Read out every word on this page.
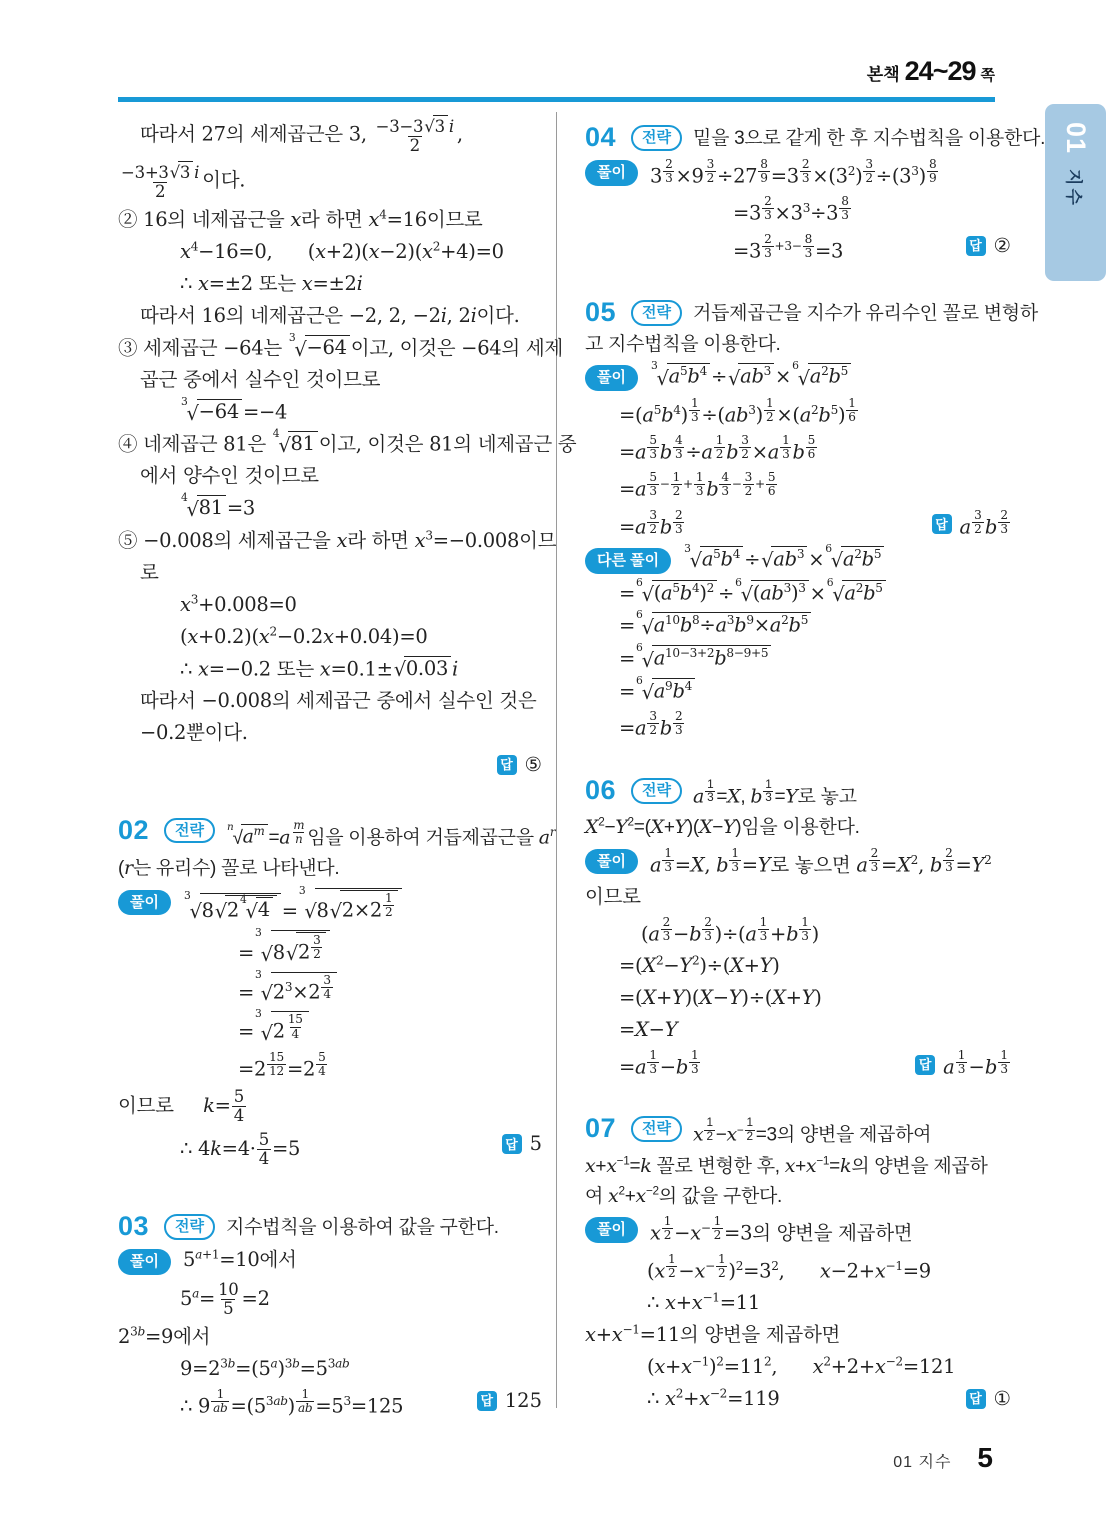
본책 24~29 쪽
01
지수
따라서 27의 세제곱근은 3, $\frac{-3-3 √ 3 i}{2}$ ,
$\frac{-3+3 √ 3 i}{2}$ 이다.
② 16의 네제곱근을 x라 하면 $x^4=16$이므로
$x^4-16=0$,      $(x+2)(x-2)(x^2+4)=0$
∴ x=±2 또는 x=±2i
따라서 16의 네제곱근은 −2, 2, −2i, 2i이다.
③ 세제곱근 −64는 3
√ −64 이고, 이것은 −64의 세제
곱근 중에서 실수인 것이므로
3
√ −64 =−4
④ 네제곱근 81은 4
√ 81 이고, 이것은 81의 네제곱근 중
에서 양수인 것이므로
4
√ 81 =3
⑤ −0.008의 세제곱근을 x라 하면 $x^3=-0.008$이므
로
$x^3+0.008=0$
$(x+0.2)(x^2-0.2x+0.04)=0$
∴ x=−0.2 또는 x=0.1± √ 0.03 i
따라서 −0.008의 세제곱근 중에서 실수인 것은
−0.2뿐이다.
답 ⑤
02	전략	n
√ $a^m =a$ $^{\frac{m}{n}}$ 임을 이용하여 거듭제곱근을 $a^r$
(r는 유리수) 꼴로 나타낸다.
풀이	3
√ 8 √ 2 4
√ 4 =
3
√ 8 √ 2×2 $^{\frac{1}{2}}$
=
3
√ 8 √ 2 $^{\frac{3}{2}}$
=
3
√ $2^3\times 2$ $^{\frac{3}{4}}$
=
3
√ 2 $^{\frac{15}{4}}$
=2 $^{\frac{15}{12}}$ =2 $^{\frac{5}{4}}$
이므로     $k= \frac{5}{4}$
∴ $4k=4\cdot \frac{5}{4} =5$	답 5
03	전략	지수법칙을 이용하여 값을 구한다.
풀이	$5^{a+1}=10$에서
$5^a= \frac{10}{5} =2$
$2^{3b}=9$에서
$9=2^{3b}=(5^a)^{3b}=5^{3ab}$
∴ 9 $^{\frac{1}{ab}} =(5^{3ab})$ $^{\frac{1}{ab}} =5^3=125$	답 125
04	전략	밑을 3으로 같게 한 후 지수법칙을 이용한다.
풀이	3 $^{\frac{2}{3}}$ ×9 $^{\frac{3}{2}}$ ÷27 $^{\frac{8}{9}}$ =3 $^{\frac{2}{3}} \times(3^2)$ $^{\frac{3}{2}} \div(3^3)$ $^{\frac{8}{9}}$
=3 $^{\frac{2}{3}} \times 3^3\div 3$ $^{\frac{8}{3}}$
=3 $^{\frac{2}{3} +3- \frac{8}{3}}$ =3	답 ②
05	전략	거듭제곱근을 지수가 유리수인 꼴로 변형하
고 지수법칙을 이용한다.
풀이
3
√ $a^5b^4$ ÷ √ $ab^3 \times 6$
√ $a^2b^5$
$=(a^5b^4)$ $^{\frac{1}{3}} \div(ab^3)$ $^{\frac{1}{2}} \times(a^2b^5)$ $^{\frac{1}{6}}$
=a $^{\frac{5}{3}}$ b $^{\frac{4}{3}}$ ÷a $^{\frac{1}{2}}$ b $^{\frac{3}{2}}$ ×a $^{\frac{1}{3}}$ b $^{\frac{5}{6}}$
=a $^{\frac{5}{3} - \frac{1}{2} + \frac{1}{3}}$ b $^{\frac{4}{3} - \frac{3}{2} + \frac{5}{6}}$
=a $^{\frac{3}{2}}$ b $^{\frac{2}{3}}$	답 a $^{\frac{3}{2}}$ b $^{\frac{2}{3}}$
다른 풀이
3
√ $a^5b^4$ ÷ √ $ab^3 \times 6$
√ $a^2b^5$
= 6
√ $(a^5b^4)^2 \div 6$
√ $(ab^3)^3 \times 6$
√ $a^2b^5$
= 6
√ $a^{10}b^8\div a^3b^9\times a^2b^5$
= 6
√ $a^{10-3+2}b^{8-9+5}$
= 6
√ $a^9b^4$
=a $^{\frac{3}{2}}$ b $^{\frac{2}{3}}$
06	전략	a $^{\frac{1}{3}}$ =X, b $^{\frac{1}{3}}$ =Y로 놓고
$X^2-Y^2=(X+Y)(X-Y)$임을 이용한다.
풀이	a $^{\frac{1}{3}}$ =X, b $^{\frac{1}{3}}$ =Y로 놓으면 a $^{\frac{2}{3}} =X^2$, b $^{\frac{2}{3}} =Y^2$
이므로
(a $^{\frac{2}{3}}$ −b $^{\frac{2}{3}}$ )÷(a $^{\frac{1}{3}}$ +b $^{\frac{1}{3}}$ )
$=(X^2-Y^2)\div(X+Y)$
=(X+Y)(X−Y)÷(X+Y)
=X−Y
=a $^{\frac{1}{3}}$ −b $^{\frac{1}{3}}$	답 a $^{\frac{1}{3}}$ −b $^{\frac{1}{3}}$
07	전략	x $^{\frac{1}{2}} -x^{- \frac{1}{2}} =3$의 양변을 제곱하여
$x+x^{-1}=k$ 꼴로 변형한 후, $x+x^{-1}=k$의 양변을 제곱하
여 $x^2+x^{-2}$의 값을 구한다.
풀이	x $^{\frac{1}{2}} -x^{- \frac{1}{2}} =3$의 양변을 제곱하면
(x $^{\frac{1}{2}} -x^{- \frac{1}{2}}$ )$^2=3^2$,      $x-2+x^{-1}=9$
∴ $x+x^{-1}=11$
$x+x^{-1}=11$의 양변을 제곱하면
$(x+x^{-1})^2=11^2$,      $x^2+2+x^{-2}=121$
∴ $x^2+x^{-2}=119$	답 ①
01 지수 5
